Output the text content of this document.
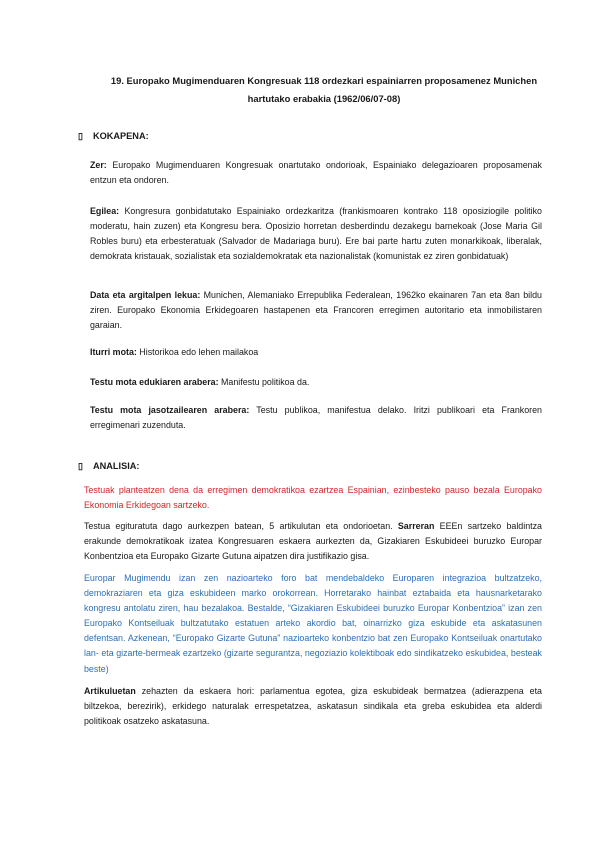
19. Europako Mugimenduaren Kongresuak 118 ordezkari espainiarren proposamenez Munichen hartutako erabakia (1962/06/07-08)
▯ KOKAPENA:

Zer: Europako Mugimenduaren Kongresuak onartutako ondorioak, Espainiako delegazioaren proposamenak entzun eta ondoren.

Egilea: Kongresura gonbidatutako Espainiako ordezkaritza (frankismoaren kontrako 118 oposiziogile politiko moderatu, hain zuzen) eta Kongresu bera. Oposizio horretan desberdindu dezakegu barnekoak (Jose Maria Gil Robles buru) eta erbesteratuak (Salvador de Madariaga buru). Ere bai parte hartu zuten monarkikoak, liberalak, demokrata kristauak, sozialistak eta sozialdemokratak eta nazionalistak (komunistak ez ziren gonbidatuak)

Data eta argitalpen lekua: Munichen, Alemaniako Errepublika Federalean, 1962ko ekainaren 7an eta 8an bildu ziren. Europako Ekonomia Erkidegoaren hastapenen eta Francoren erregimen autoritario eta inmobilistaren garaian.

Iturri mota: Historikoa edo lehen mailakoa

Testu mota edukiaren arabera: Manifestu politikoa da.

Testu mota jasotzailearen arabera: Testu publikoa, manifestua delako. Iritzi publikoari eta Frankoren erregimenari zuzenduta.

▯ ANALISIA:

Testuak planteatzen dena da erregimen demokratikoa ezartzea Espainian, ezinbesteko pauso bezala Europako Ekonomia Erkidegoan sartzeko.

Testua egituratuta dago aurkezpen batean, 5 artikulutan eta ondorioetan. Sarreran EEEn sartzeko baldintza erakunde demokratikoak izatea Kongresuaren eskaera aurkezten da, Gizakiaren Eskubideei buruzko Europar Konbentzioa eta Europako Gizarte Gutuna aipatzen dira justifikazio gisa.

Europar Mugimendu izan zen nazioarteko foro bat mendebaldeko Europaren integrazioa bultzatzeko, demokraziaren eta giza eskubideen marko orokorrean. Horretarako hainbat eztabaida eta hausnarketarako kongresu antolatu ziren, hau bezalakoa. Bestalde, “Gizakiaren Eskubideei buruzko Europar Konbentzioa” izan zen Europako Kontseiluak bultzatutako estatuen arteko akordio bat, oinarrizko giza eskubide eta askatasunen defentsan. Azkenean, “Europako Gizarte Gutuna” nazioarteko konbentzio bat zen Europako Kontseiluak onartutako lan- eta gizarte-bermeak ezartzeko (gizarte segurantza, negoziazio kolektiboak edo sindikatzeko eskubidea, besteak beste)

Artikuluetan zehazten da eskaera hori: parlamentua egotea, giza eskubideak bermatzea (adierazpena eta biltzekoa, berezirik), erkidego naturalak errespetatzea, askatasun sindikala eta greba eskubidea eta alderdi politikoak osatzeko askatasuna.
